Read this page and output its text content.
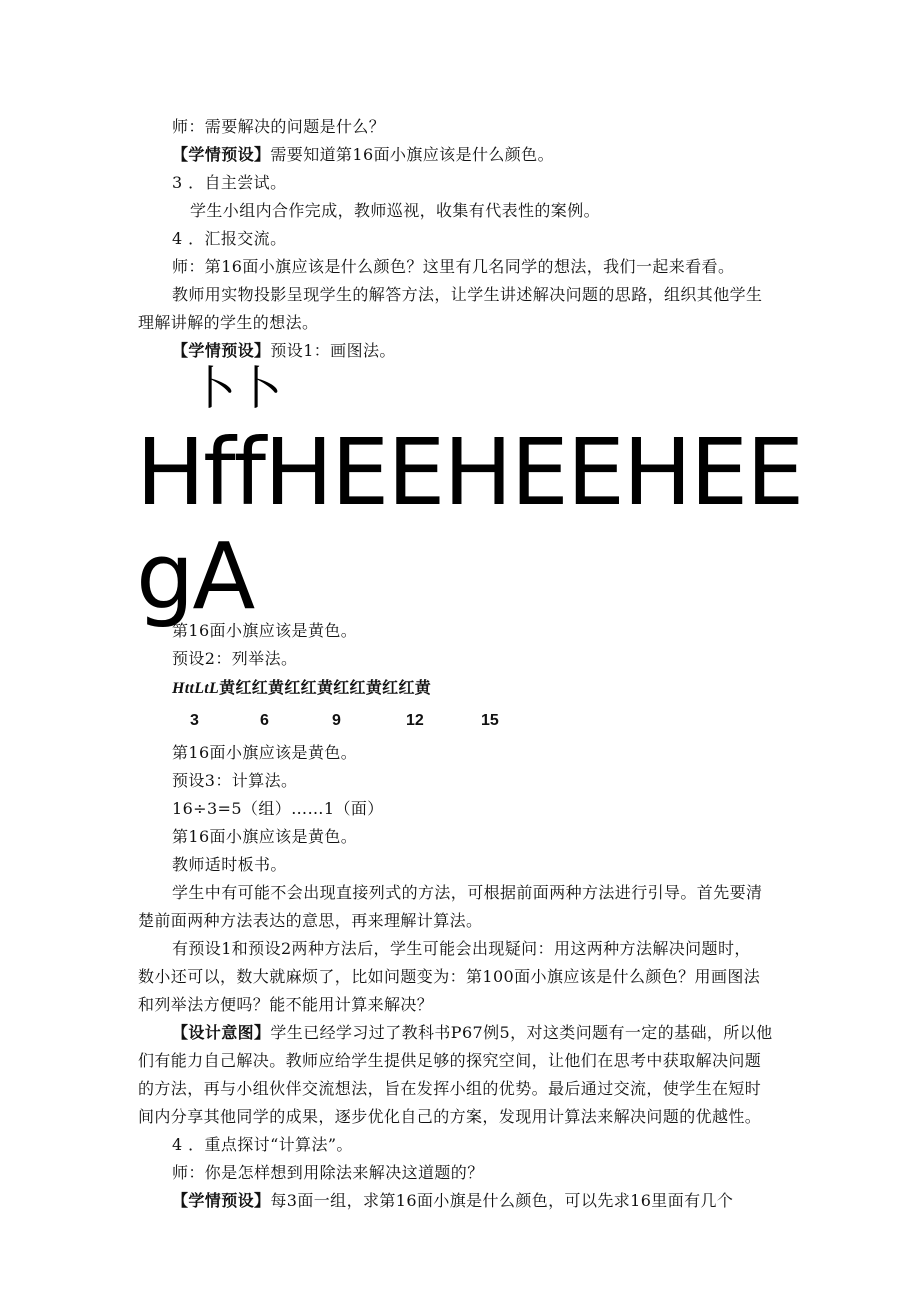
师：需要解决的问题是什么？
【学情预设】需要知道第16面小旗应该是什么颜色。
3 ．自主尝试。
学生小组内合作完成，教师巡视，收集有代表性的案例。
4 ．汇报交流。
师：第16面小旗应该是什么颜色？这里有几名同学的想法，我们一起来看看。
教师用实物投影呈现学生的解答方法，让学生讲述解决问题的思路，组织其他学生
理解讲解的学生的想法。
【学情预设】预设1：画图法。
卜卜
HffHEEHEEHEE
gA
第16面小旗应该是黄色。
预设2：列举法。
HttLtL黄红红黄红红黄红红黄红红黄
3	6	9	12	15
第16面小旗应该是黄色。
预设3：计算法。
16÷3=5（组）……1（面）
第16面小旗应该是黄色。
教师适时板书。
学生中有可能不会出现直接列式的方法，可根据前面两种方法进行引导。首先要清
楚前面两种方法表达的意思，再来理解计算法。
有预设1和预设2两种方法后，学生可能会出现疑问：用这两种方法解决问题时，
数小还可以，数大就麻烦了，比如问题变为：第100面小旗应该是什么颜色？用画图法
和列举法方便吗？能不能用计算来解决？
【设计意图】学生已经学习过了教科书P67例5，对这类问题有一定的基础，所以他
们有能力自己解决。教师应给学生提供足够的探究空间，让他们在思考中获取解决问题
的方法，再与小组伙伴交流想法，旨在发挥小组的优势。最后通过交流，使学生在短时
间内分享其他同学的成果，逐步优化自己的方案，发现用计算法来解决问题的优越性。
4 ．重点探讨“计算法”。
师：你是怎样想到用除法来解决这道题的？
【学情预设】每3面一组，求第16面小旗是什么颜色，可以先求16里面有几个
